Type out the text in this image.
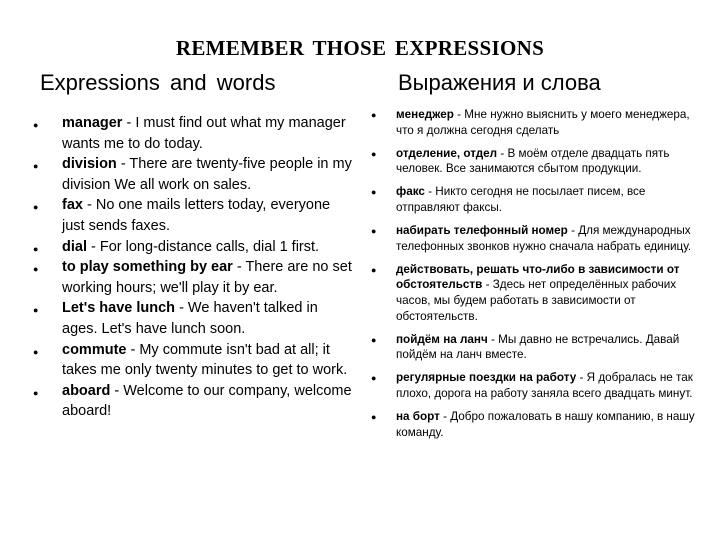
REMEMBER THOSE EXPRESSIONS
Expressions and words	Выражения и слова
● manager - I must find out what my manager wants me to do today.
● division - There are twenty-five people in my division We all work on sales.
● fax - No one mails letters today, everyone just sends faxes.
● dial - For long-distance calls, dial 1 first.
● to play something by ear - There are no set working hours; we'll play it by ear.
● Let's have lunch - We haven't talked in ages. Let's have lunch soon.
● commute - My commute isn't bad at all; it takes me only twenty minutes to get to work.
● aboard - Welcome to our company, welcome aboard!
● менеджер - Мне нужно выяснить у моего менеджера, что я должна сегодня сделать
● отделение, отдел - В моём отделе двадцать пять человек. Все занимаются сбытом продукции.
● факс - Никто сегодня не посылает писем, все отправляют факсы.
● набирать телефонный номер - Для международных телефонных звонков нужно сначала набрать единицу.
● действовать, решать что-либо в зависимости от обстоятельств - Здесь нет определённых рабочих часов, мы будем работать в зависимости от обстоятельств.
● пойдём на ланч - Мы давно не встречались. Давай пойдём на ланч вместе.
● регулярные поездки на работу - Я добралась не так плохо, дорога на работу заняла всего двадцать минут.
● на борт - Добро пожаловать в нашу компанию, в нашу команду.
